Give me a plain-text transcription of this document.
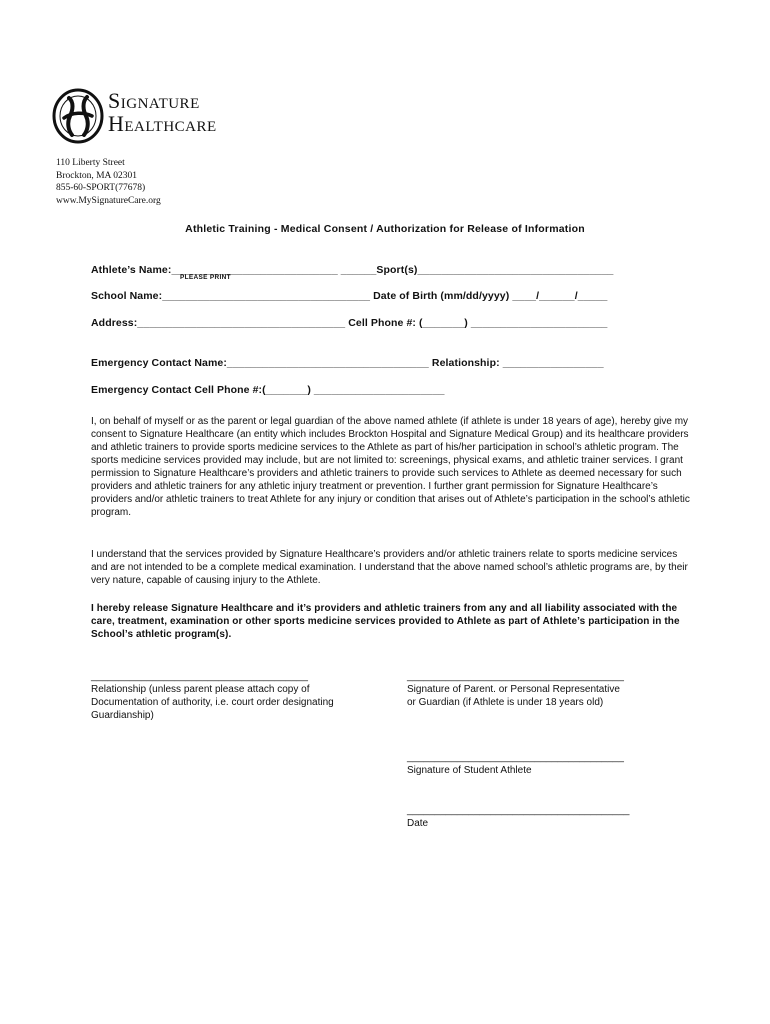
Signature
Healthcare
110 Liberty Street
Brockton, MA 02301
855-60-SPORT(77678)
www.MySignatureCare.org
Athletic Training - Medical Consent / Authorization for Release of Information
Athlete’s Name:____________________________ ______Sport(s)_________________________________
PLEASE PRINT
School Name:___________________________________ Date of Birth (mm/dd/yyyy) ____/______/_____
Address:___________________________________ Cell Phone #: (_______) _______________________
Emergency Contact Name:__________________________________ Relationship: _________________
Emergency Contact Cell Phone #:(_______) ______________________
I, on behalf of myself or as the parent or legal guardian of the above named athlete (if athlete is under 18 years of age), hereby give my consent to Signature Healthcare (an entity which includes Brockton Hospital and Signature Medical Group) and its healthcare providers and athletic trainers to provide sports medicine services to the Athlete as part of his/her participation in school’s athletic program. The sports medicine services provided may include, but are not limited to: screenings, physical exams, and athletic trainer services. I grant permission to Signature Healthcare’s providers and athletic trainers to provide such services to Athlete as deemed necessary for such providers and athletic trainers for any athletic injury treatment or prevention. I further grant permission for Signature Healthcare’s providers and/or athletic trainers to treat Athlete for any injury or condition that arises out of Athlete’s participation in the school’s athletic program.
I understand that the services provided by Signature Healthcare’s providers and/or athletic trainers relate to sports medicine services and are not intended to be a complete medical examination. I understand that the above named school’s athletic programs are, by their very nature, capable of causing injury to the Athlete.
I hereby release Signature Healthcare and it’s providers and athletic trainers from any and all liability associated with the care, treatment, examination or other sports medicine services provided to Athlete as part of Athlete’s participation in the School’s athletic program(s).
_______________________________________
Relationship (unless parent please attach copy of
Documentation of authority, i.e. court order designating
Guardianship)
_______________________________________
Signature of Parent. or Personal Representative
or Guardian (if Athlete is under 18 years old)
_______________________________________
Signature of Student Athlete
________________________________________
Date
